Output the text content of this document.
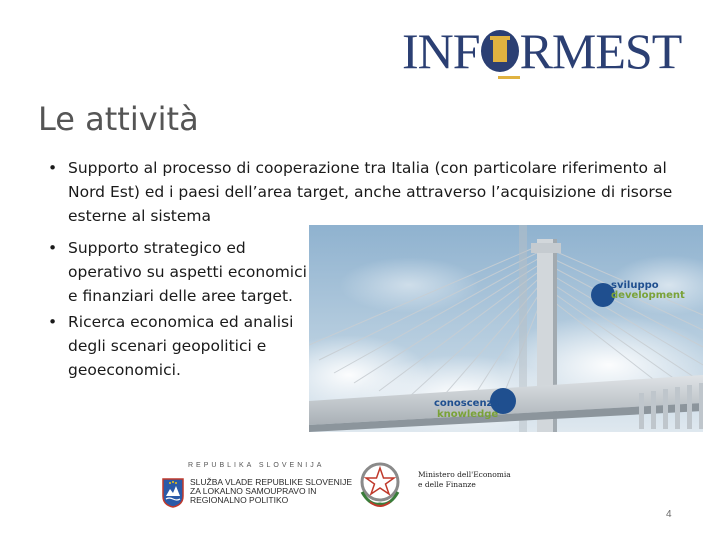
INF RMEST
Le attività
• Supporto al processo di cooperazione tra Italia (con particolare riferimento al Nord Est) ed i paesi dell’area target, anche attraverso l’acquisizione di risorse esterne al sistema
• Supporto strategico ed operativo su aspetti economici e finanziari delle aree target.
• Ricerca economica ed analisi degli scenari geopolitici e geoeconomici.
sviluppo
development
conoscenza
knowledge
REPUBLIKA SLOVENIJA
SLUŽBA VLADE REPUBLIKE SLOVENIJE
ZA LOKALNO SAMOUPRAVO IN
REGIONALNO POLITIKO
Ministero dell'Economia
e delle Finanze
4
